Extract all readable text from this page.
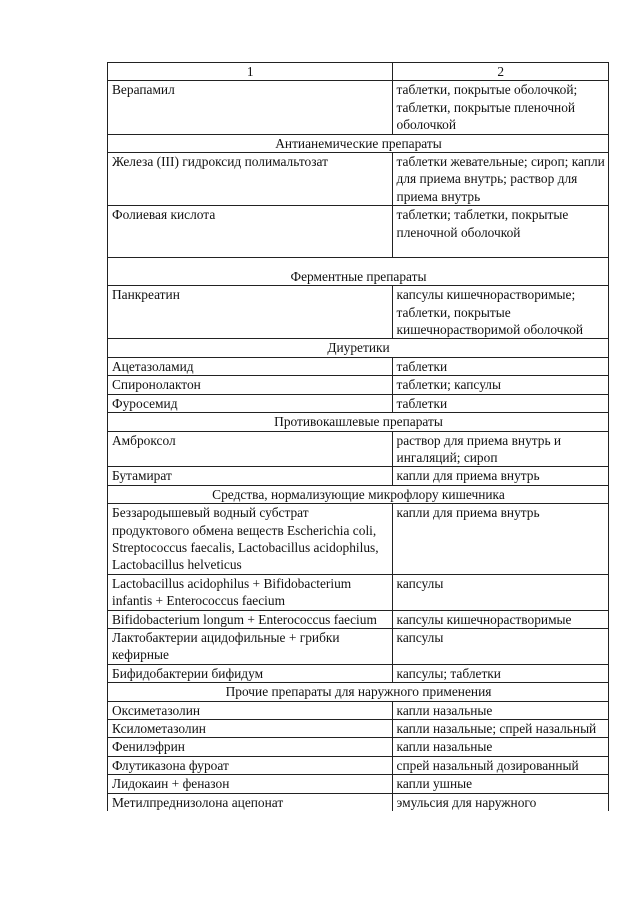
1	2
Верапамил	таблетки, покрытые оболочкой; таблетки, покрытые пленочной оболочкой
Антианемические препараты	
Железа (III) гидроксид полимальтозат	таблетки жевательные; сироп; капли для приема внутрь; раствор для приема внутрь
Фолиевая кислота	таблетки; таблетки, покрытые пленочной оболочкой
Ферментные препараты	
Панкреатин	капсулы кишечнорастворимые; таблетки, покрытые кишечнорастворимой оболочкой
Диуретики	
Ацетазоламид	таблетки
Спиронолактон	таблетки; капсулы
Фуросемид	таблетки
Противокашлевые препараты	
Амброксол	раствор для приема внутрь и ингаляций; сироп
Бутамират	капли для приема внутрь
Средства, нормализующие микрофлору кишечника	
Беззародышевый водный субстрат продуктового обмена веществ Escherichia coli, Streptococcus faecalis, Lactobacillus acidophilus, Lactobacillus helveticus	капли для приема внутрь
Lactobacillus acidophilus + Bifidobacterium infantis + Enterococcus faecium	капсулы
Bifidobacterium longum + Enterococcus faecium	капсулы кишечнорастворимые
Лактобактерии ацидофильные + грибки кефирные	капсулы
Бифидобактерии бифидум	капсулы; таблетки
Прочие препараты для наружного применения	
Оксиметазолин	капли назальные
Ксилометазолин	капли назальные; спрей назальный
Фенилэфрин	капли назальные
Флутиказона фуроат	спрей назальный дозированный
Лидокаин + феназон	капли ушные
Метилпреднизолона ацепонат	эмульсия для наружного
